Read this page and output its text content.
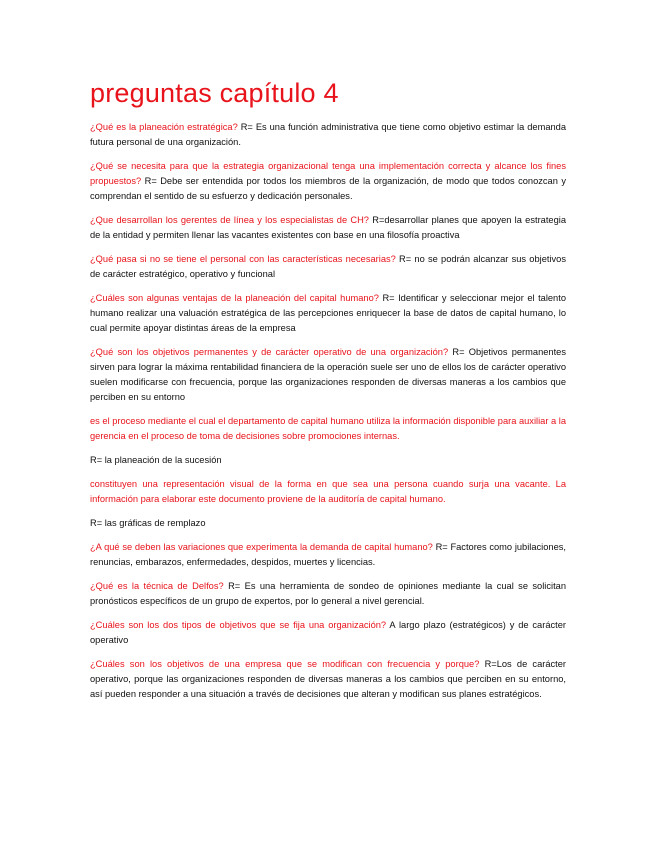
preguntas capítulo 4

¿Qué es la planeación estratégica? R= Es una función administrativa que tiene como objetivo estimar la demanda futura personal de una organización.

¿Qué se necesita para que la estrategia organizacional tenga una implementación correcta y alcance los fines propuestos? R= Debe ser entendida por todos los miembros de la organización, de modo que todos conozcan y comprendan el sentido de su esfuerzo y dedicación personales.

¿Que desarrollan los gerentes de línea y los especialistas de CH? R=desarrollar planes que apoyen la estrategia de la entidad y permiten llenar las vacantes existentes con base en una filosofía proactiva

¿Qué pasa si no se tiene el personal con las características necesarias? R= no se podrán alcanzar sus objetivos de carácter estratégico, operativo y funcional

¿Cuáles son algunas ventajas de la planeación del capital humano? R= Identificar y seleccionar mejor el talento humano realizar una valuación estratégica de las percepciones enriquecer la base de datos de capital humano, lo cual permite apoyar distintas áreas de la empresa

¿Qué son los objetivos permanentes y de carácter operativo de una organización? R= Objetivos permanentes sirven para lograr la máxima rentabilidad financiera de la operación suele ser uno de ellos los de carácter operativo suelen modificarse con frecuencia, porque las organizaciones responden de diversas maneras a los cambios que perciben en su entorno

es el proceso mediante el cual el departamento de capital humano utiliza la información disponible para auxiliar a la gerencia en el proceso de toma de decisiones sobre promociones internas.

R= la planeación de la sucesión

constituyen una representación visual de la forma en que sea una persona cuando surja una vacante. La información para elaborar este documento proviene de la auditoría de capital humano.

R= las gráficas de remplazo

¿A qué se deben las variaciones que experimenta la demanda de capital humano? R= Factores como jubilaciones, renuncias, embarazos, enfermedades, despidos, muertes y licencias.

¿Qué es la técnica de Delfos? R= Es una herramienta de sondeo de opiniones mediante la cual se solicitan pronósticos específicos de un grupo de expertos, por lo general a nivel gerencial.

¿Cuáles son los dos tipos de objetivos que se fija una organización? A largo plazo (estratégicos) y de carácter operativo

¿Cuáles son los objetivos de una empresa que se modifican con frecuencia y porque? R=Los de carácter operativo, porque las organizaciones responden de diversas maneras a los cambios que perciben en su entorno, así pueden responder a una situación a través de decisiones que alteran y modifican sus planes estratégicos.
